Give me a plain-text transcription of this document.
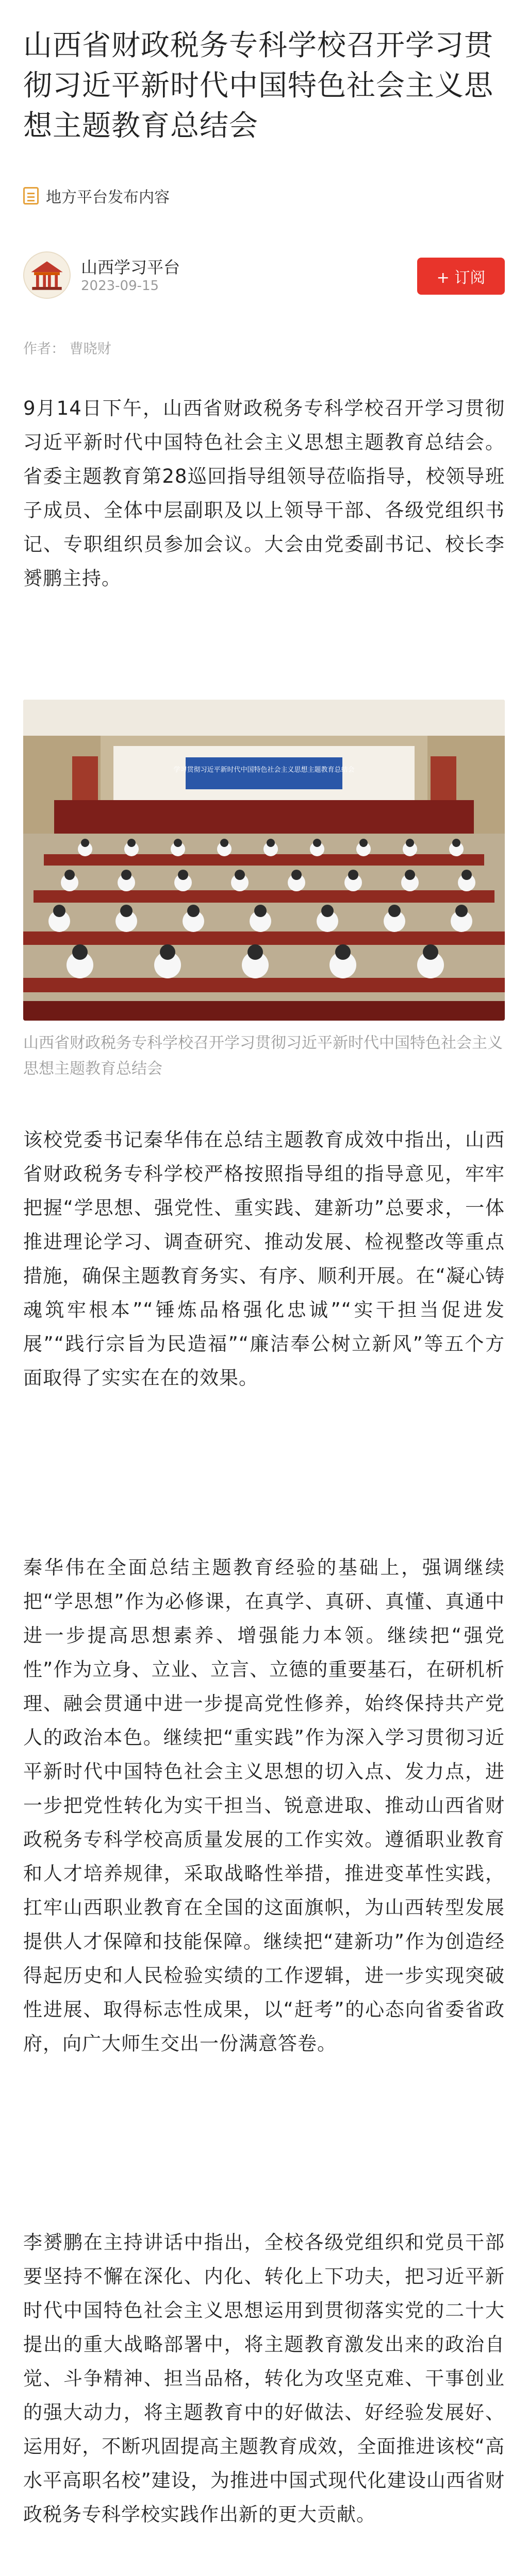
山西省财政税务专科学校召开学习贯彻习近平新时代中国特色社会主义思想主题教育总结会
地方平台发布内容
山西学习平台
2023-09-15	+ 订阅
作者： 曹晓财

9月14日下午，山西省财政税务专科学校召开学习贯彻习近平新时代中国特色社会主义思想主题教育总结会。省委主题教育第28巡回指导组领导莅临指导，校领导班子成员、全体中层副职及以上领导干部、各级党组织书记、专职组织员参加会议。大会由党委副书记、校长李赟鹏主持。

学习贯彻习近平新时代中国特色社会主义思想主题教育总结会
山西省财政税务专科学校召开学习贯彻习近平新时代中国特色社会主义思想主题教育总结会

该校党委书记秦华伟在总结主题教育成效中指出，山西省财政税务专科学校严格按照指导组的指导意见，牢牢把握“学思想、强党性、重实践、建新功”总要求，一体推进理论学习、调查研究、推动发展、检视整改等重点措施，确保主题教育务实、有序、顺利开展。在“凝心铸魂筑牢根本”“锤炼品格强化忠诚”“实干担当促进发展”“践行宗旨为民造福”“廉洁奉公树立新风”等五个方面取得了实实在在的效果。

秦华伟在全面总结主题教育经验的基础上，强调继续把“学思想”作为必修课，在真学、真研、真懂、真通中进一步提高思想素养、增强能力本领。继续把“强党性”作为立身、立业、立言、立德的重要基石，在研机析理、融会贯通中进一步提高党性修养，始终保持共产党人的政治本色。继续把“重实践”作为深入学习贯彻习近平新时代中国特色社会主义思想的切入点、发力点，进一步把党性转化为实干担当、锐意进取、推动山西省财政税务专科学校高质量发展的工作实效。遵循职业教育和人才培养规律，采取战略性举措，推进变革性实践，扛牢山西职业教育在全国的这面旗帜，为山西转型发展提供人才保障和技能保障。继续把“建新功”作为创造经得起历史和人民检验实绩的工作逻辑，进一步实现突破性进展、取得标志性成果，以“赶考”的心态向省委省政府，向广大师生交出一份满意答卷。

李赟鹏在主持讲话中指出，全校各级党组织和党员干部要坚持不懈在深化、内化、转化上下功夫，把习近平新时代中国特色社会主义思想运用到贯彻落实党的二十大提出的重大战略部署中，将主题教育激发出来的政治自觉、斗争精神、担当品格，转化为攻坚克难、干事创业的强大动力，将主题教育中的好做法、好经验发展好、运用好，不断巩固提高主题教育成效，全面推进该校“高水平高职名校”建设，为推进中国式现代化建设山西省财政税务专科学校实践作出新的更大贡献。
